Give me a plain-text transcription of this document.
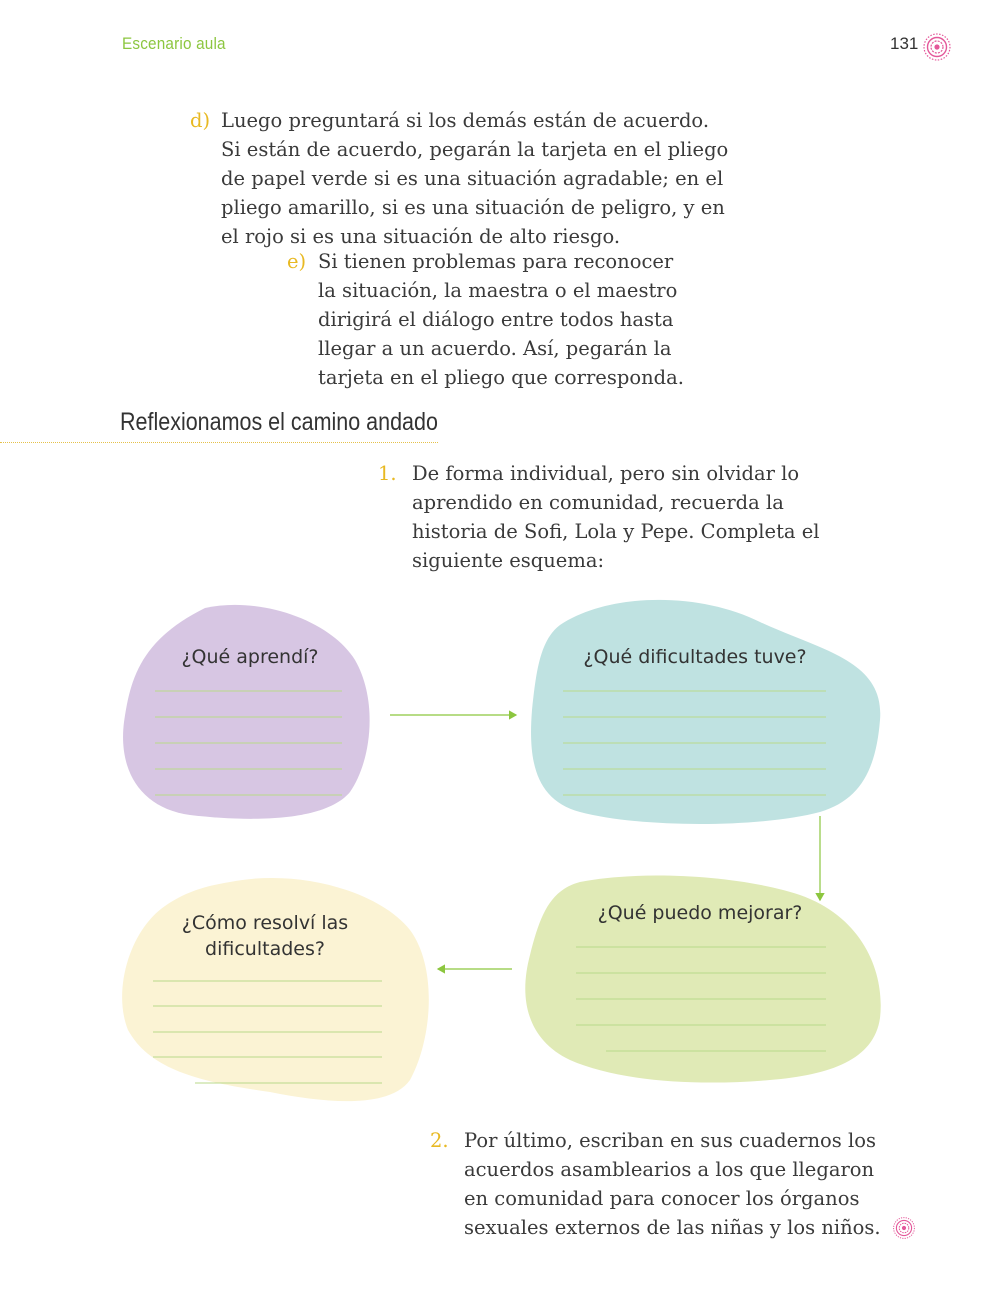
Escenario aula	131
d) Luego preguntará si los demás están de acuerdo.
Si están de acuerdo, pegarán la tarjeta en el pliego
de papel verde si es una situación agradable; en el
pliego amarillo, si es una situación de peligro, y en
el rojo si es una situación de alto riesgo.
e) Si tienen problemas para reconocer
la situación, la maestra o el maestro
dirigirá el diálogo entre todos hasta
llegar a un acuerdo. Así, pegarán la
tarjeta en el pliego que corresponda.
Reflexionamos el camino andado
1. De forma individual, pero sin olvidar lo
aprendido en comunidad, recuerda la
historia de Sofi, Lola y Pepe. Completa el
siguiente esquema:
¿Qué aprendí?	¿Qué dificultades tuve?
¿Qué puedo mejorar?
¿Cómo resolví las
dificultades?
2. Por último, escriban en sus cuadernos los
acuerdos asamblearios a los que llegaron
en comunidad para conocer los órganos
sexuales externos de las niñas y los niños.
